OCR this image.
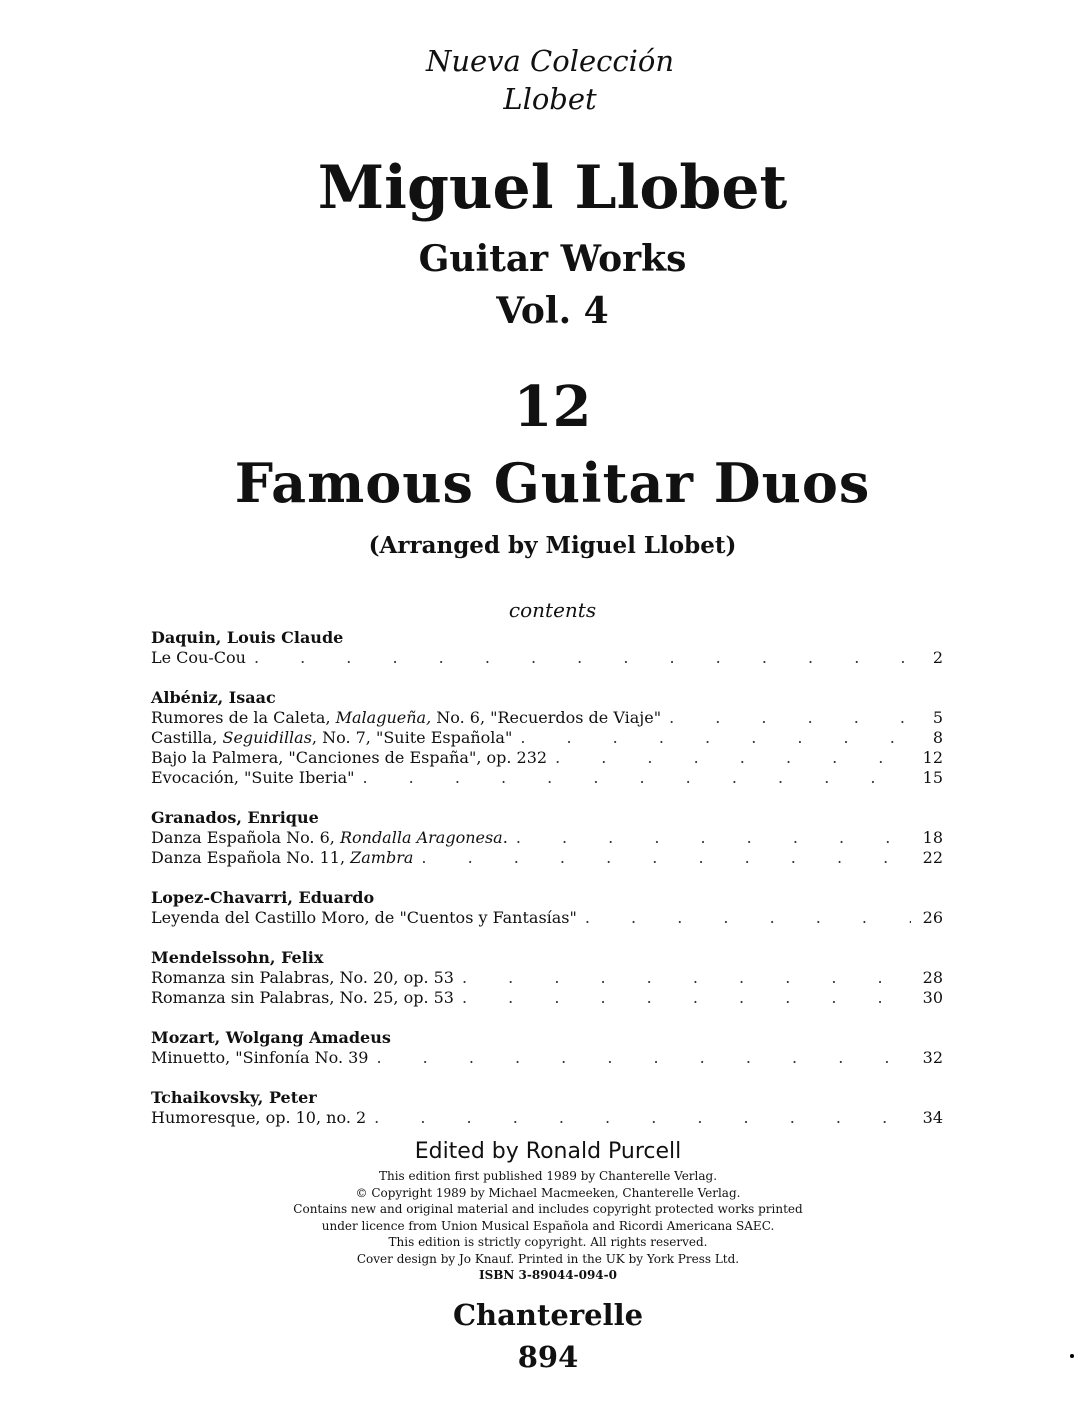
Nueva Colección
Llobet
Miguel Llobet
Guitar Works
Vol. 4
12
Famous Guitar Duos
(Arranged by Miguel Llobet)
contents
Daquin, Louis Claude
Le Cou-Cou . . .	2
Albéniz, Isaac
Rumores de la Caleta, Malagueña, No. 6, "Recuerdos de Viaje" . . .	5
Castilla, Seguidillas, No. 7, "Suite Española" . . .	8
Bajo la Palmera, "Canciones de España", op. 232 . . .	12
Evocación, "Suite Iberia" . . .	15
Granados, Enrique
Danza Española No. 6, Rondalla Aragonesa. . . .	18
Danza Española No. 11, Zambra . . .	22
Lopez-Chavarri, Eduardo
Leyenda del Castillo Moro, de "Cuentos y Fantasías" . . .	26
Mendelssohn, Felix
Romanza sin Palabras, No. 20, op. 53 . . .	28
Romanza sin Palabras, No. 25, op. 53 . . .	30
Mozart, Wolgang Amadeus
Minuetto, "Sinfonía No. 39 . . .	32
Tchaikovsky, Peter
Humoresque, op. 10, no. 2 . . .	34
Edited by Ronald Purcell
This edition first published 1989 by Chanterelle Verlag.
© Copyright 1989 by Michael Macmeeken, Chanterelle Verlag.
Contains new and original material and includes copyright protected works printed
under licence from Union Musical Española and Ricordi Americana SAEC.
This edition is strictly copyright. All rights reserved.
Cover design by Jo Knauf. Printed in the UK by York Press Ltd.
ISBN 3-89044-094-0
Chanterelle
894
